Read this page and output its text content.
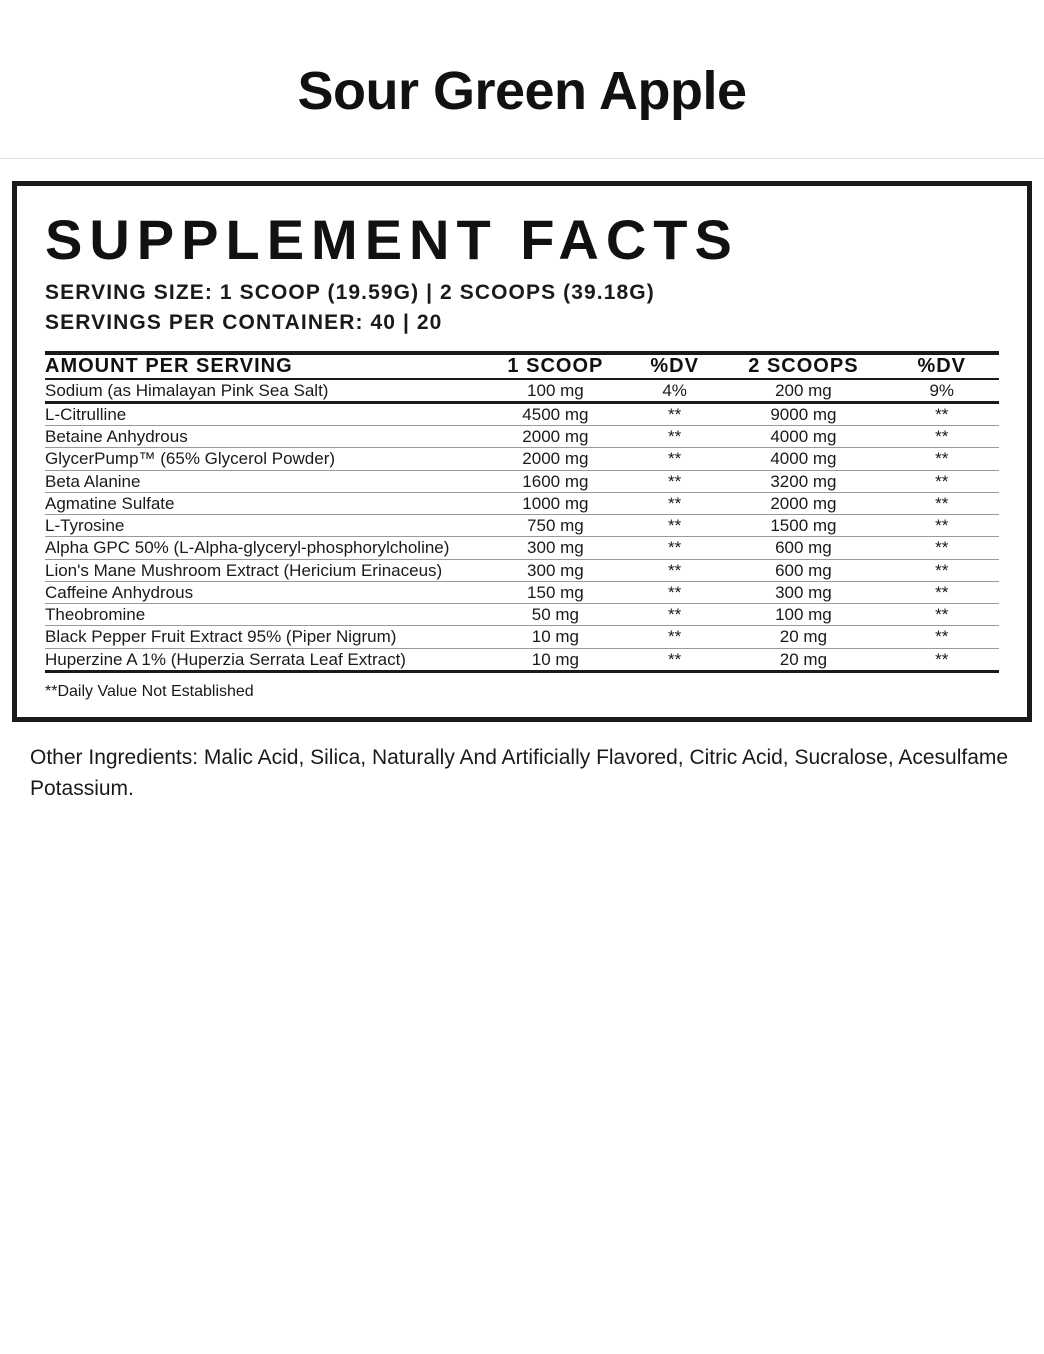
Sour Green Apple
SUPPLEMENT FACTS
SERVING SIZE: 1 SCOOP (19.59G) | 2 SCOOPS (39.18G)
SERVINGS PER CONTAINER: 40 | 20
AMOUNT PER SERVING	1 SCOOP	%DV	2 SCOOPS	%DV
Sodium (as Himalayan Pink Sea Salt)	100 mg	4%	200 mg	9%
L-Citrulline	4500 mg	**	9000 mg	**
Betaine Anhydrous	2000 mg	**	4000 mg	**
GlycerPump™ (65% Glycerol Powder)	2000 mg	**	4000 mg	**
Beta Alanine	1600 mg	**	3200 mg	**
Agmatine Sulfate	1000 mg	**	2000 mg	**
L-Tyrosine	750 mg	**	1500 mg	**
Alpha GPC 50% (L-Alpha-glyceryl-phosphorylcholine)	300 mg	**	600 mg	**
Lion's Mane Mushroom Extract (Hericium Erinaceus)	300 mg	**	600 mg	**
Caffeine Anhydrous	150 mg	**	300 mg	**
Theobromine	50 mg	**	100 mg	**
Black Pepper Fruit Extract 95% (Piper Nigrum)	10 mg	**	20 mg	**
Huperzine A 1% (Huperzia Serrata Leaf Extract)	10 mg	**	20 mg	**
**Daily Value Not Established
Other Ingredients: Malic Acid, Silica, Naturally And Artificially Flavored, Citric Acid, Sucralose, Acesulfame Potassium.
